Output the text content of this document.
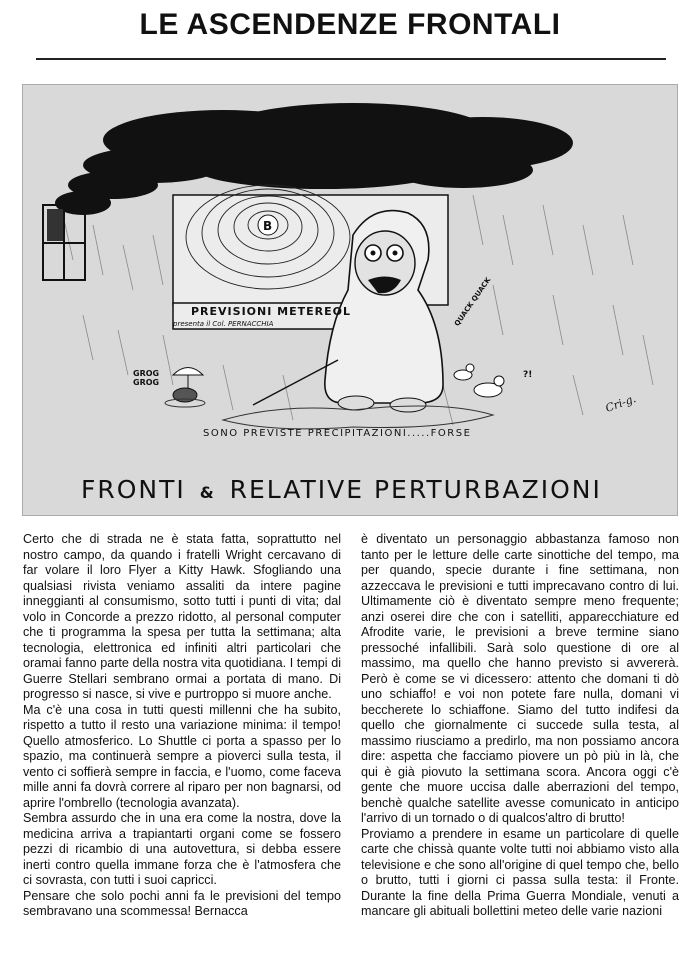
LE ASCENDENZE FRONTALI
B
PREVISIONI METEREOL
presenta il Col. PERNACCHIA
GROG GROG
QUACK QUACK
?!
Cri-g.
SONO PREVISTE PRECIPITAZIONI.....FORSE
FRONTI & RELATIVE PERTURBAZIONI

Certo che di strada ne è stata fatta, soprattutto nel nostro campo, da quando i fratelli Wright cercavano di far volare il loro Flyer a Kitty Hawk. Sfogliando una qualsiasi rivista veniamo assaliti da intere pagine inneggianti al consumismo, sotto tutti i punti di vita; dal volo in Concorde a prezzo ridotto, al personal computer che ti programma la spesa per tutta la settimana; alta tecnologia, elettronica ed infiniti altri particolari che oramai fanno parte della nostra vita quotidiana. I tempi di Guerre Stellari sembrano ormai a portata di mano. Di progresso si nasce, si vive e purtroppo si muore anche.

Ma c'è una cosa in tutti questi millenni che ha subito, rispetto a tutto il resto una variazione minima: il tempo! Quello atmosferico. Lo Shuttle ci porta a spasso per lo spazio, ma continuerà sempre a pioverci sulla testa, il vento ci soffierà sempre in faccia, e l'uomo, come faceva mille anni fa dovrà correre al riparo per non bagnarsi, od aprire l'ombrello (tecnologia avanzata).

Sembra assurdo che in una era come la nostra, dove la medicina arriva a trapiantarti organi come se fossero pezzi di ricambio di una autovettura, si debba essere inerti contro quella immane forza che è l'atmosfera che ci sovrasta, con tutti i suoi capricci.

Pensare che solo pochi anni fa le previsioni del tempo sembravano una scommessa! Bernacca

è diventato un personaggio abbastanza famoso non tanto per le letture delle carte sinottiche del tempo, ma per quando, specie durante i fine settimana, non azzeccava le previsioni e tutti imprecavano contro di lui. Ultimamente ciò è diventato sempre meno frequente; anzi oserei dire che con i satelliti, apparecchiature ed Afrodite varie, le previsioni a breve termine siano pressoché infallibili. Sarà solo questione di ore al massimo, ma quello che hanno previsto si avvererà. Però è come se vi dicessero: attento che domani ti dò uno schiaffo! e voi non potete fare nulla, domani vi beccherete lo schiaffone. Siamo del tutto indifesi da quello che giornalmente ci succede sulla testa, al massimo riusciamo a predirlo, ma non possiamo ancora dire: aspetta che facciamo piovere un pò più in là, che qui è già piovuto la settimana scora. Ancora oggi c'è gente che muore uccisa dalle aberrazioni del tempo, benchè qualche satellite avesse comunicato in anticipo l'arrivo di un tornado o di qualcos'altro di brutto!

Proviamo a prendere in esame un particolare di quelle carte che chissà quante volte tutti noi abbiamo visto alla televisione e che sono all'origine di quel tempo che, bello o brutto, tutti i giorni ci passa sulla testa: il Fronte. Durante la fine della Prima Guerra Mondiale, venuti a mancare gli abituali bollettini meteo delle varie nazioni
